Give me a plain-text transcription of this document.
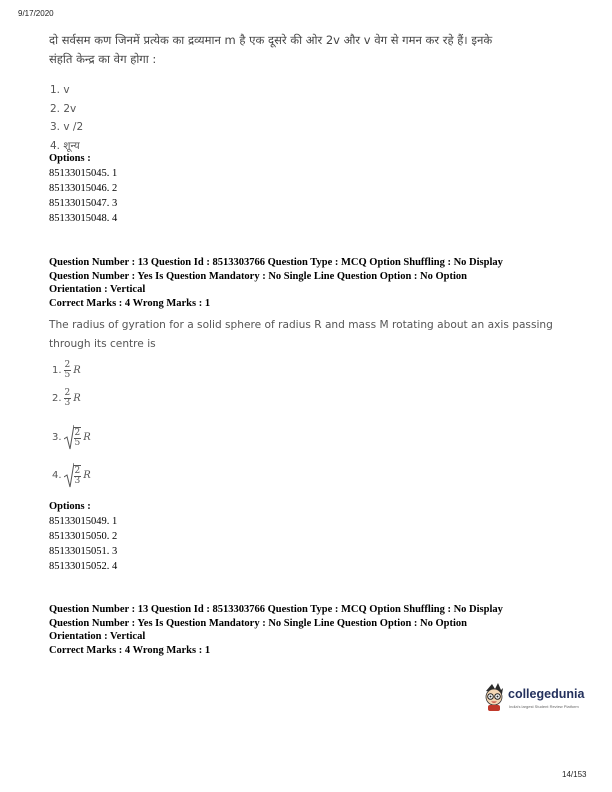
9/17/2020
दो सर्वसम कण जिनमें प्रत्येक का द्रव्यमान m है एक दूसरे की ओर 2v और v वेग से गमन कर रहे हैं। इनके
संहति केन्द्र का वेग होगा :
1. v
2. 2v
3. v /2
4. शून्य
Options :
85133015045. 1
85133015046. 2
85133015047. 3
85133015048. 4
Question Number : 13 Question Id : 8513303766 Question Type : MCQ Option Shuffling : No Display
Question Number : Yes Is Question Mandatory : No Single Line Question Option : No Option
Orientation : Vertical
Correct Marks : 4 Wrong Marks : 1
The radius of gyration for a solid sphere of radius R and mass M rotating about an axis passing
through its centre is
1. $\frac{2}{5}$ R
2. $\frac{2}{3}$ R
3. $\frac{2}{5}$ R
4. $\frac{2}{3}$ R
Options :
85133015049. 1
85133015050. 2
85133015051. 3
85133015052. 4
Question Number : 13 Question Id : 8513303766 Question Type : MCQ Option Shuffling : No Display
Question Number : Yes Is Question Mandatory : No Single Line Question Option : No Option
Orientation : Vertical
Correct Marks : 4 Wrong Marks : 1
collegedunia
India's largest Student Review Platform
14/153
